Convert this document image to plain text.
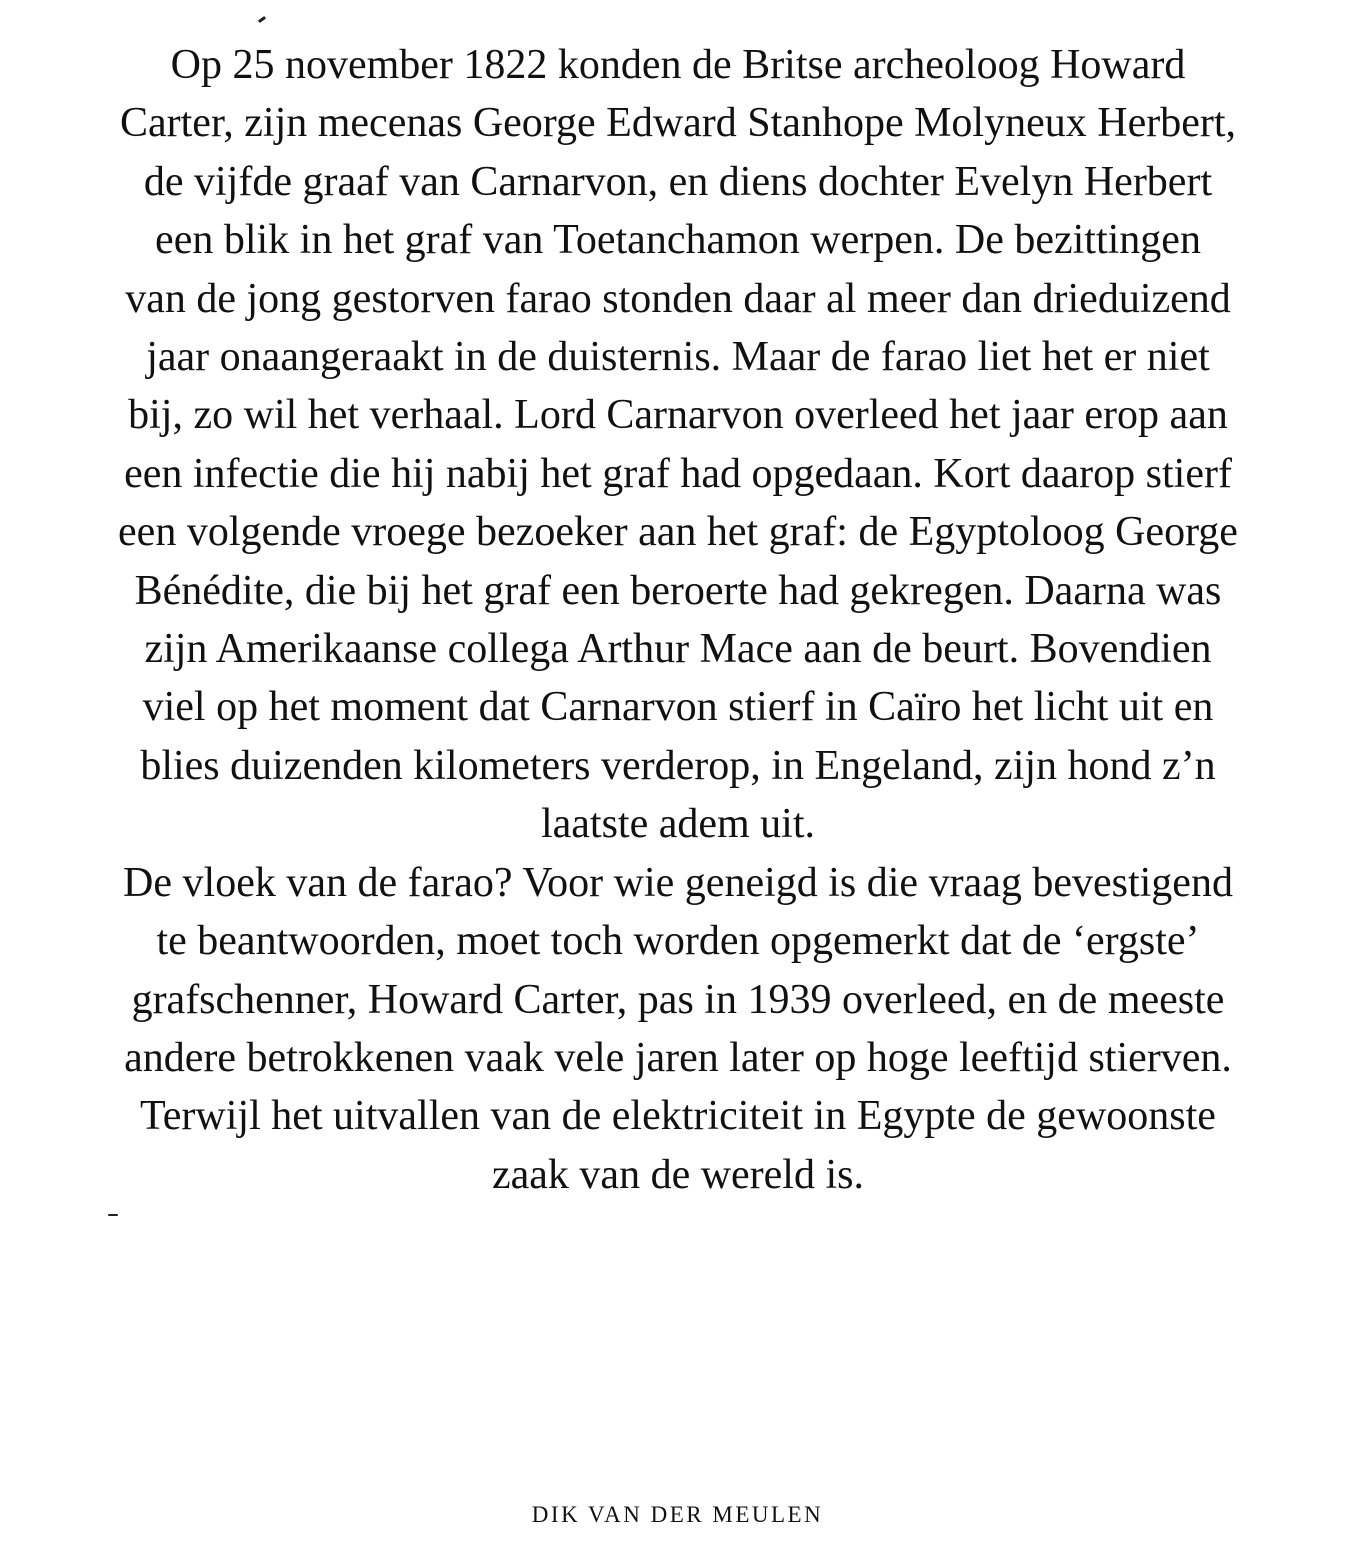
Op 25 november 1822 konden de Britse archeoloog Howard
Carter, zijn mecenas George Edward Stanhope Molyneux Herbert,
de vijfde graaf van Carnarvon, en diens dochter Evelyn Herbert
een blik in het graf van Toetanchamon werpen. De bezittingen
van de jong gestorven farao stonden daar al meer dan drieduizend
jaar onaangeraakt in de duisternis. Maar de farao liet het er niet
bij, zo wil het verhaal. Lord Carnarvon overleed het jaar erop aan
een infectie die hij nabij het graf had opgedaan. Kort daarop stierf
een volgende vroege bezoeker aan het graf: de Egyptoloog George
Bénédite, die bij het graf een beroerte had gekregen. Daarna was
zijn Amerikaanse collega Arthur Mace aan de beurt. Bovendien
viel op het moment dat Carnarvon stierf in Caïro het licht uit en
blies duizenden kilometers verderop, in Engeland, zijn hond z’n
laatste adem uit.
De vloek van de farao? Voor wie geneigd is die vraag bevestigend
te beantwoorden, moet toch worden opgemerkt dat de ‘ergste’
grafschenner, Howard Carter, pas in 1939 overleed, en de meeste
andere betrokkenen vaak vele jaren later op hoge leeftijd stierven.
Terwijl het uitvallen van de elektriciteit in Egypte de gewoonste
zaak van de wereld is.
DIK VAN DER MEULEN
